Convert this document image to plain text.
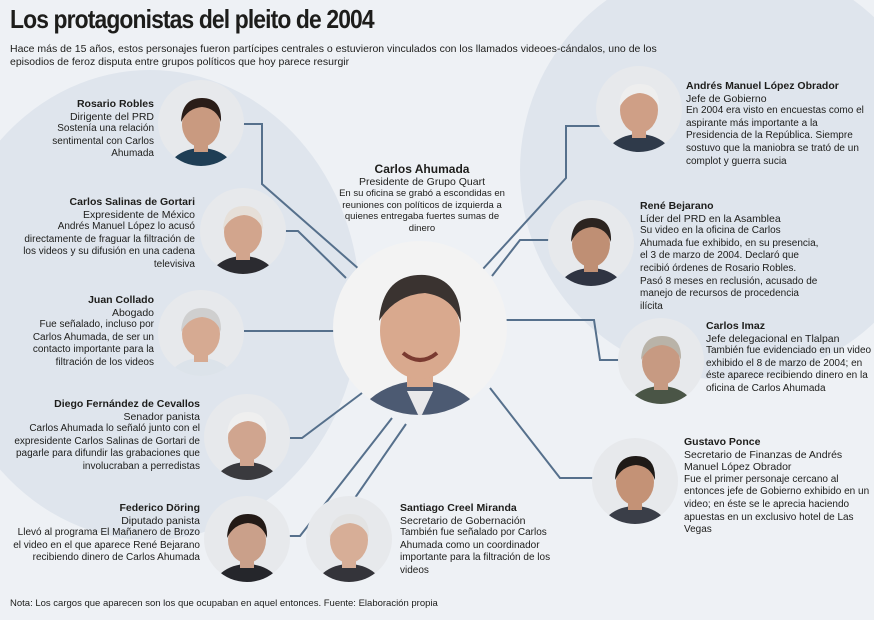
Los protagonistas del pleito de 2004
Hace más de 15 años, estos personajes fueron partícipes centrales o estuvieron vinculados con los llamados videoes-cándalos, uno de los episodios de feroz disputa entre grupos políticos que hoy parece resurgir
Carlos Ahumada
Presidente de Grupo Quart
En su oficina se grabó a escondidas en reuniones con políticos de izquierda a quienes entregaba fuertes sumas de dinero
Rosario Robles
Dirigente del PRD
Sostenía una relación sentimental con Carlos Ahumada
Carlos Salinas de Gortari
Expresidente de México
Andrés Manuel López lo acusó directamente de fraguar la filtración de los videos y su difusión en una cadena televisiva
Juan Collado
Abogado
Fue señalado, incluso por Carlos Ahumada, de ser un contacto importante para la filtración de los videos
Diego Fernández de Cevallos
Senador panista
Carlos Ahumada lo señaló junto con el expresidente Carlos Salinas de Gortari de pagarle para difundir las grabaciones que involucraban a perredistas
Federico Döring
Diputado panista
Llevó al programa El Mañanero de Brozo el video en el que aparece René Bejarano recibiendo dinero de Carlos Ahumada
Santiago Creel Miranda
Secretario de Gobernación
También fue señalado por Carlos Ahumada como un coordinador importante para la filtración de los videos
Andrés Manuel López Obrador
Jefe de Gobierno
En 2004 era visto en encuestas como el aspirante más importante a la Presidencia de la República. Siempre sostuvo que la maniobra se trató de un complot y guerra sucia
René Bejarano
Líder del PRD en la Asamblea
Su video en la oficina de Carlos Ahumada fue exhibido, en su presencia, el 3 de marzo de 2004. Declaró que recibió órdenes de Rosario Robles. Pasó 8 meses en reclusión, acusado de manejo de recursos de procedencia ilícita
Carlos Imaz
Jefe delegacional en Tlalpan
También fue evidenciado en un video exhibido el 8 de marzo de 2004; en éste aparece recibiendo dinero en la oficina de Carlos Ahumada
Gustavo Ponce
Secretario de Finanzas de Andrés Manuel López Obrador
Fue el primer personaje cercano al entonces jefe de Gobierno exhibido en un video; en éste se le aprecia haciendo apuestas en un exclusivo hotel de Las Vegas
Nota: Los cargos que aparecen son los que ocupaban en aquel entonces. Fuente: Elaboración propia
